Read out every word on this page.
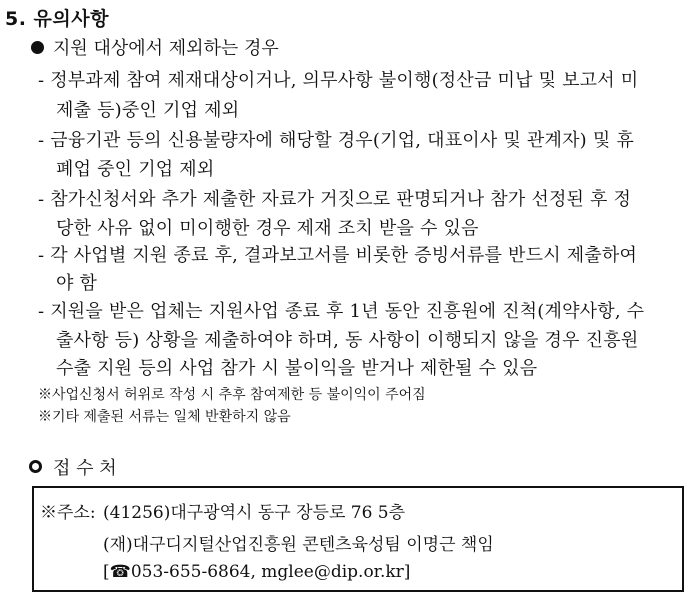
5. 유의사항
지원 대상에서 제외하는 경우
- 정부과제 참여 제재대상이거나, 의무사항 불이행(정산금 미납 및 보고서 미
제출 등)중인 기업 제외
- 금융기관 등의 신용불량자에 해당할 경우(기업, 대표이사 및 관계자) 및 휴
폐업 중인 기업 제외
- 참가신청서와 추가 제출한 자료가 거짓으로 판명되거나 참가 선정된 후 정
당한 사유 없이 미이행한 경우 제재 조치 받을 수 있음
- 각 사업별 지원 종료 후, 결과보고서를 비롯한 증빙서류를 반드시 제출하여
야 함
- 지원을 받은 업체는 지원사업 종료 후 1년 동안 진흥원에 진척(계약사항, 수
출사항 등) 상황을 제출하여야 하며, 동 사항이 이행되지 않을 경우 진흥원
수출 지원 등의 사업 참가 시 불이익을 받거나 제한될 수 있음
※사업신청서 허위로 작성 시 추후 참여제한 등 불이익이 주어짐
※기타 제출된 서류는 일체 반환하지 않음
접 수 처
※주소: (41256)대구광역시 동구 장등로 76 5층
(재)대구디지털산업진흥원 콘텐츠육성팀 이명근 책임
[☎053-655-6864, mglee@dip.or.kr]
